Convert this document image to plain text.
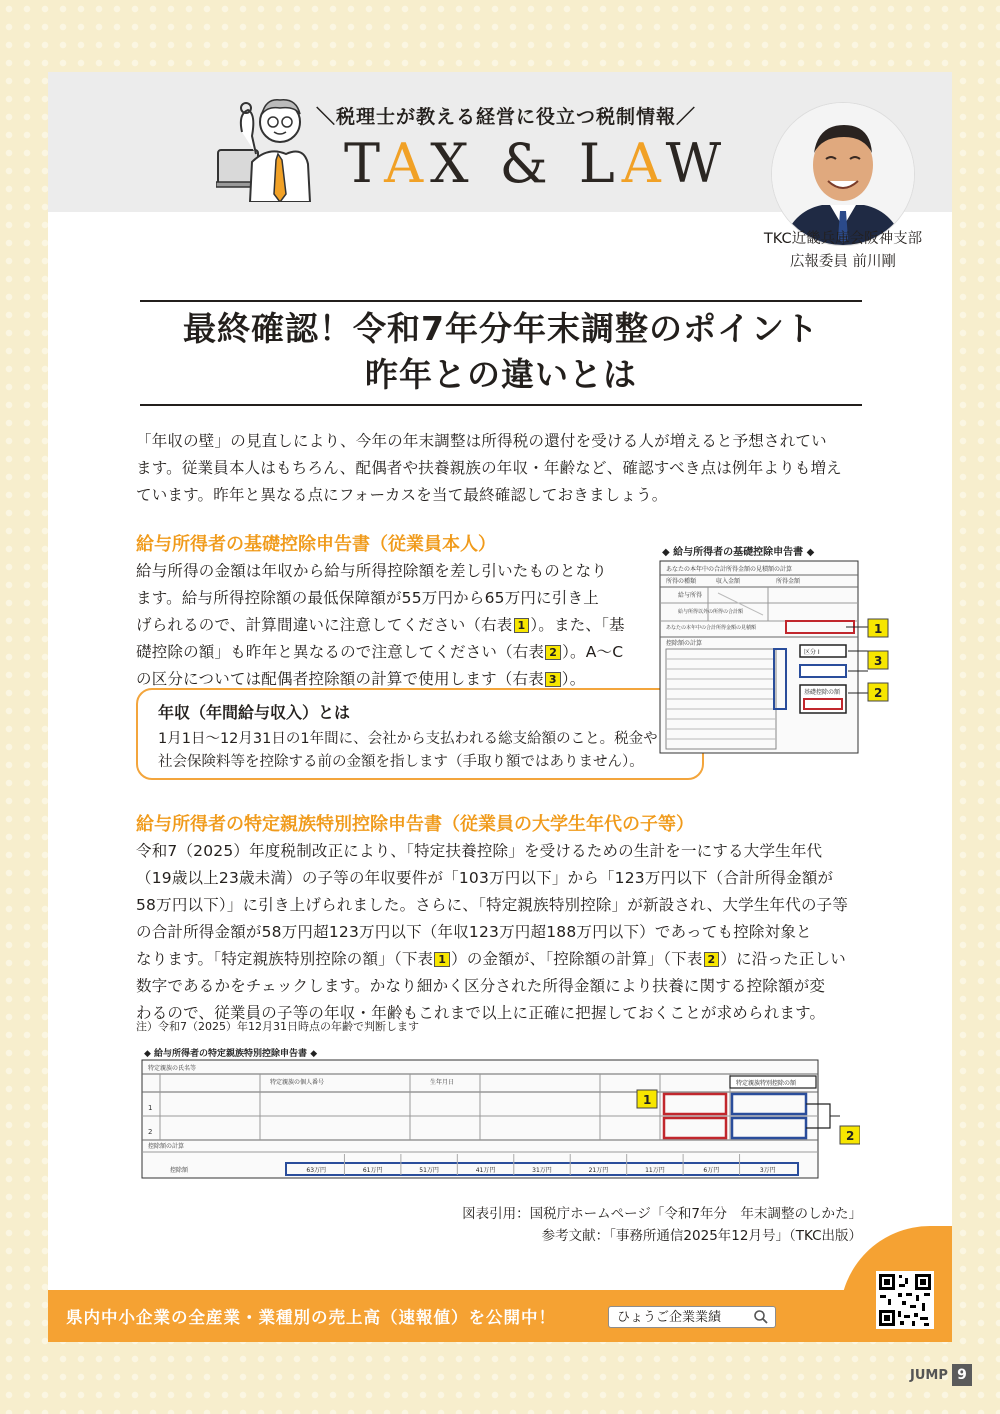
＼税理士が教える経営に役立つ税制情報／
TAX & LAW
TKC近畿兵庫会阪神支部
広報委員 前川剛
最終確認！令和7年分年末調整のポイント
昨年との違いとは
「年収の壁」の見直しにより、今年の年末調整は所得税の還付を受ける人が増えると予想されてい
ます。従業員本人はもちろん、配偶者や扶養親族の年収・年齢など、確認すべき点は例年よりも増え
ています。昨年と異なる点にフォーカスを当て最終確認しておきましょう。
給与所得者の基礎控除申告書（従業員本人）
給与所得の金額は年収から給与所得控除額を差し引いたものとなり
ます。給与所得控除額の最低保障額が55万円から65万円に引き上
げられるので、計算間違いに注意してください（右表 1 ）。また、「基
礎控除の額」も昨年と異なるので注意してください（右表 2 ）。A～C
の区分については配偶者控除額の計算で使用します（右表 3 ）。
年収（年間給与収入）とは
1月1日～12月31日の1年間に、会社から支払われる総支給額のこと。税金や
社会保険料等を控除する前の金額を指します（手取り額ではありません）。
◆ 給与所得者の基礎控除申告書 ◆
あなたの本年中の合計所得金額の見積額の計算
所得の種類	収入金額	所得金額
給与所得
給与所得以外の所得の合計額
あなたの本年中の合計所得金額の見積額
控除額の計算
区分 I
基礎控除の額
1
3
2
給与所得者の特定親族特別控除申告書（従業員の大学生年代の子等）
令和7（2025）年度税制改正により、「特定扶養控除」を受けるための生計を一にする大学生年代
（19歳以上23歳未満）の子等の年収要件が「103万円以下」から「123万円以下（合計所得金額が
58万円以下）」に引き上げられました。さらに、「特定親族特別控除」が新設され、大学生年代の子等
の合計所得金額が58万円超123万円以下（年収123万円超188万円以下）であっても控除対象と
なります。「特定親族特別控除の額」（下表 1 ）の金額が、「控除額の計算」（下表 2 ）に沿った正しい
数字であるかをチェックします。かなり細かく区分された所得金額により扶養に関する控除額が変
わるので、従業員の子等の年収・年齢もこれまで以上に正確に把握しておくことが求められます。
注）令和7（2025）年12月31日時点の年齢で判断します
◆ 給与所得者の特定親族特別控除申告書 ◆
特定親族の氏名等
特定親族の個人番号	生年月日
1
2
特定親族特別控除の額
控除額の計算
控除額	63万円	61万円	51万円	41万円	31万円	21万円	11万円	6万円	3万円
1
2
図表引用：国税庁ホームページ「令和7年分　年末調整のしかた」
参考文献：「事務所通信2025年12月号」（TKC出版）
県内中小企業の全産業・業種別の売上高（速報値）を公開中！	ひょうご企業業績
JUMP 9
